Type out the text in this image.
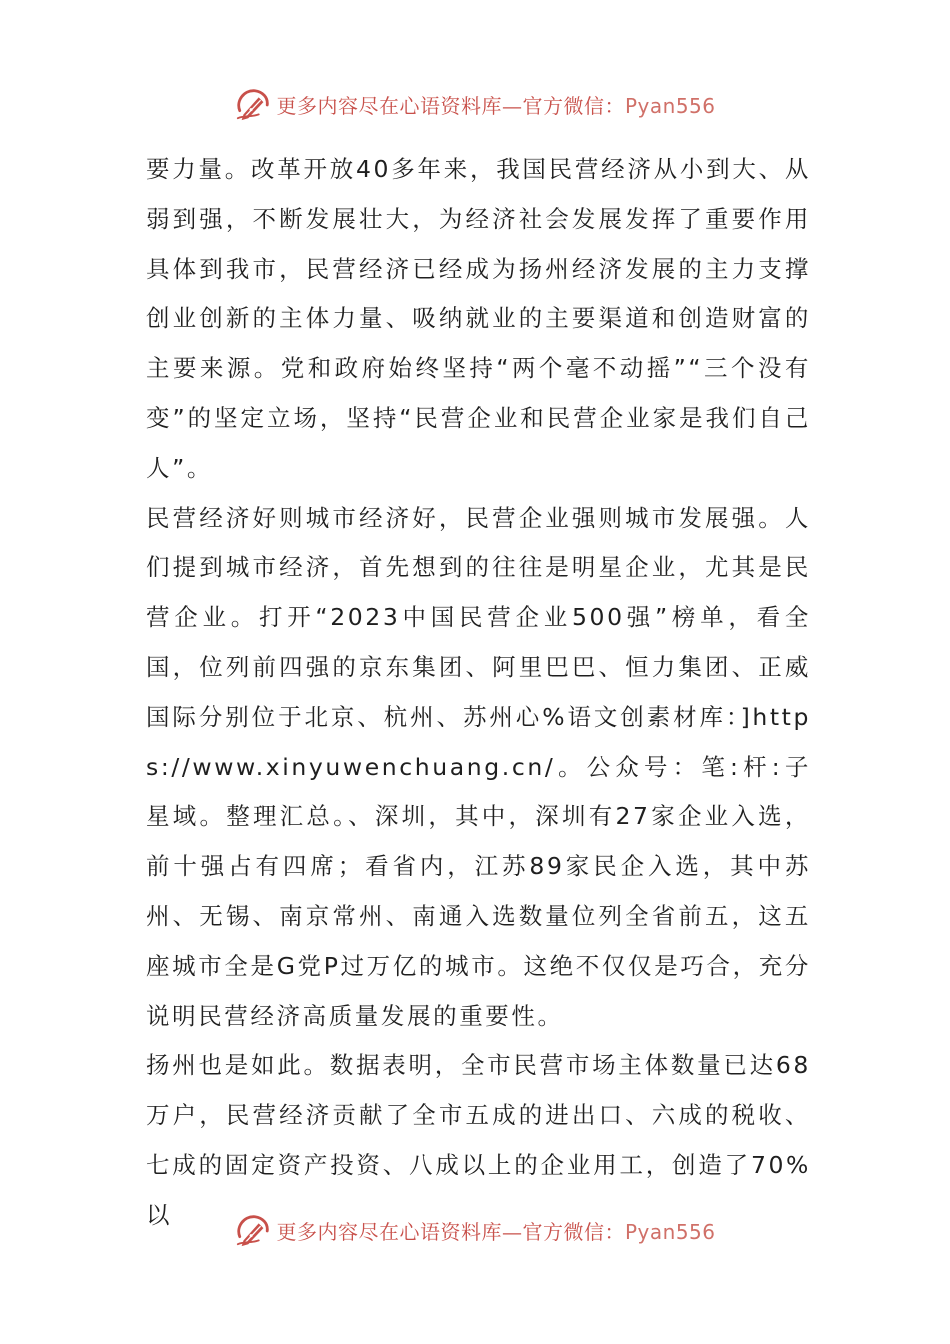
更多内容尽在心语资料库—官方微信：Pyan556

要力量。改革开放40多年来，我国民营经济从小到大、从弱到强，不断发展壮大，为经济社会发展发挥了重要作用具体到我市，民营经济已经成为扬州经济发展的主力支撑创业创新的主体力量、吸纳就业的主要渠道和创造财富的主要来源。党和政府始终坚持“两个毫不动摇”“三个没有变”的坚定立场，坚持“民营企业和民营企业家是我们自己人”。

民营经济好则城市经济好，民营企业强则城市发展强。人们提到城市经济，首先想到的往往是明星企业，尤其是民营企业。打开“2023中国民营企业500强”榜单，看全国，位列前四强的京东集团、阿里巴巴、恒力集团、正威国际分别位于北京、杭州、苏州心%语文创素材库：]https://www.xinyuwenchuang.cn/。公众号：笔:杆:子星域。整理汇总。、深圳，其中，深圳有27家企业入选，前十强占有四席；看省内，江苏89家民企入选，其中苏州、无锡、南京常州、南通入选数量位列全省前五，这五座城市全是G党P过万亿的城市。这绝不仅仅是巧合，充分说明民营经济高质量发展的重要性。

扬州也是如此。数据表明，全市民营市场主体数量已达68万户，民营经济贡献了全市五成的进出口、六成的税收、七成的固定资产投资、八成以上的企业用工，创造了70%以

更多内容尽在心语资料库—官方微信：Pyan556
